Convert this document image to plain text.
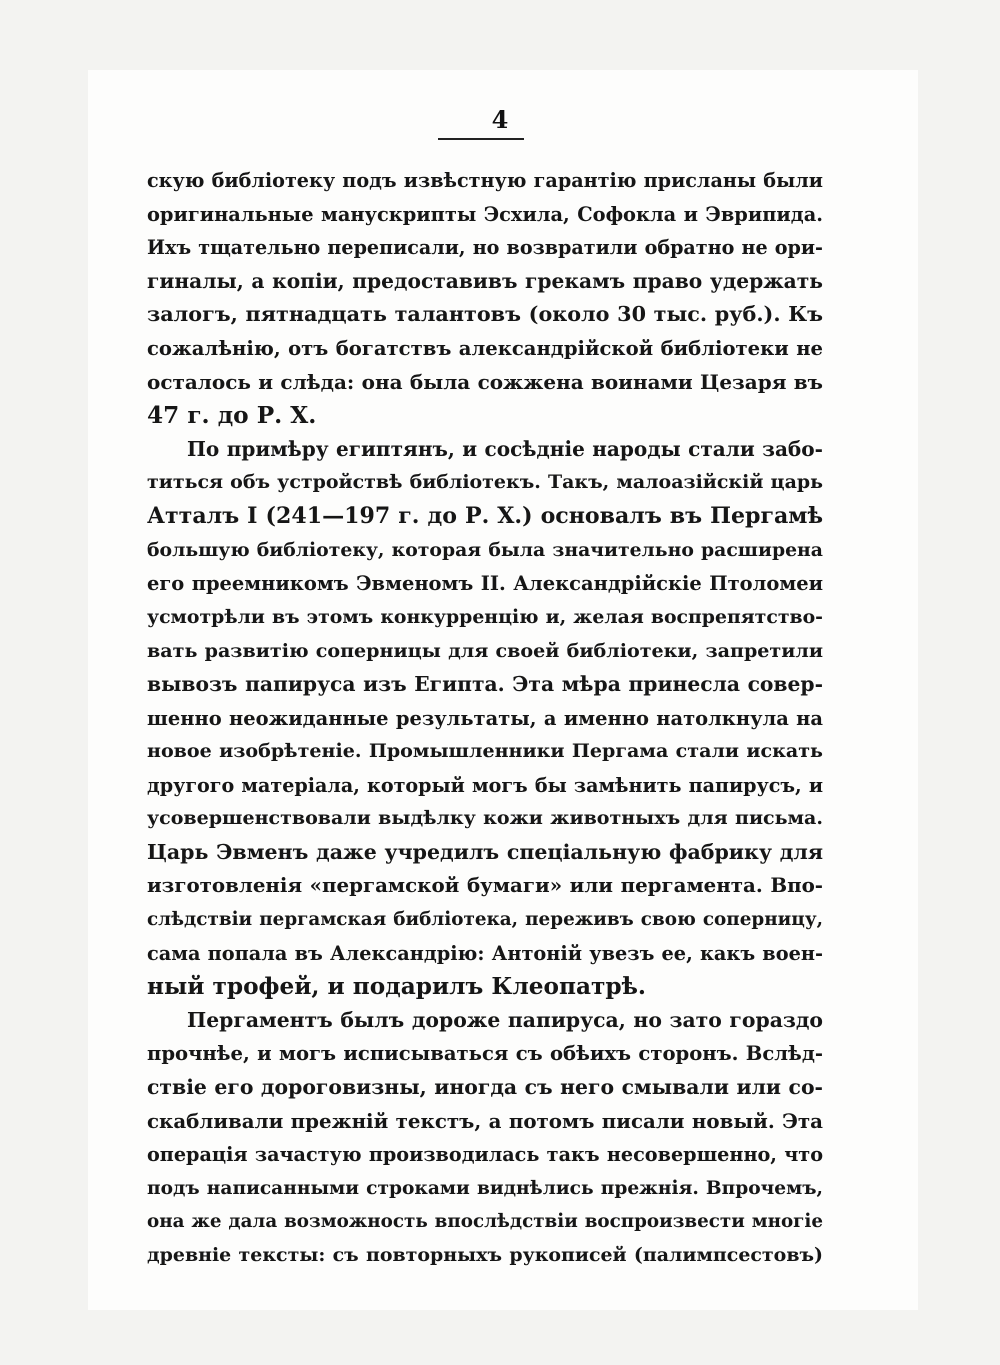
4
скую библіотеку подъ извѣстную гарантію присланы были
оригинальные манускрипты Эсхила, Софокла и Эврипида.
Ихъ тщательно переписали, но возвратили обратно не ори-
гиналы, а копіи, предоставивъ грекамъ право удержать
залогъ, пятнадцать талантовъ (около 30 тыс. руб.). Къ
сожалѣнію, отъ богатствъ александрійской библіотеки не
осталось и слѣда: она была сожжена воинами Цезаря въ
47 г. до Р. Х.
По примѣру египтянъ, и сосѣдніе народы стали забо-
титься объ устройствѣ библіотекъ. Такъ, малоазійскій царь
Атталъ I (241—197 г. до Р. Х.) основалъ въ Пергамѣ
большую библіотеку, которая была значительно расширена
его преемникомъ Эвменомъ II. Александрійскіе Птоломеи
усмотрѣли въ этомъ конкурренцію и, желая воспрепятство-
вать развитію соперницы для своей библіотеки, запретили
вывозъ папируса изъ Египта. Эта мѣра принесла совер-
шенно неожиданные результаты, а именно натолкнула на
новое изобрѣтеніе. Промышленники Пергама стали искать
другого матеріала, который могъ бы замѣнить папирусъ, и
усовершенствовали выдѣлку кожи животныхъ для письма.
Царь Эвменъ даже учредилъ спеціальную фабрику для
изготовленія «пергамской бумаги» или пергамента. Впо-
слѣдствіи пергамская библіотека, переживъ свою соперницу,
сама попала въ Александрію: Антоній увезъ ее, какъ воен-
ный трофей, и подарилъ Клеопатрѣ.
Пергаментъ былъ дороже папируса, но зато гораздо
прочнѣе, и могъ исписываться съ обѣихъ сторонъ. Вслѣд-
ствіе его дороговизны, иногда съ него смывали или со-
скабливали прежній текстъ, а потомъ писали новый. Эта
операція зачастую производилась такъ несовершенно, что
подъ написанными строками виднѣлись прежнія. Впрочемъ,
она же дала возможность впослѣдствіи воспроизвести многіе
древніе тексты: съ повторныхъ рукописей (палимпсестовъ)
